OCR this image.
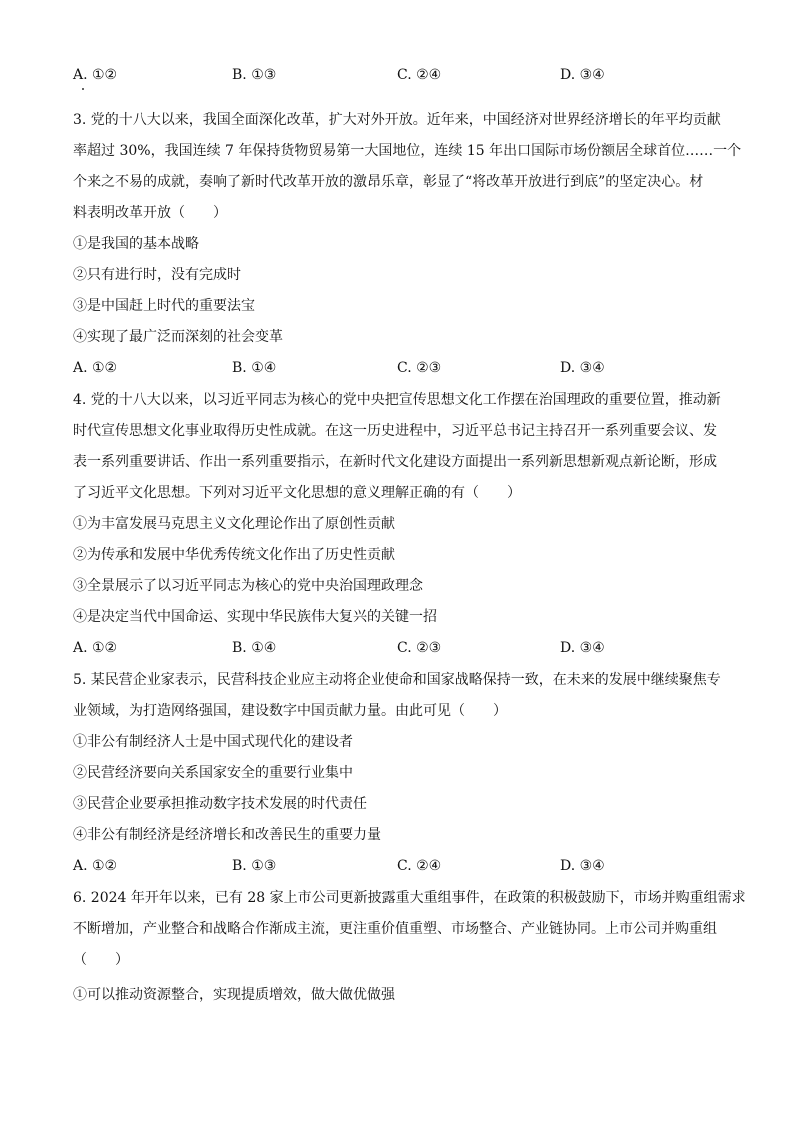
A. ①②	B. ①③	C. ②④	D. ③④
3. 党的十八大以来，我国全面深化改革，扩大对外开放。近年来，中国经济对世界经济增长的年平均贡献
率超过 30%，我国连续 7 年保持货物贸易第一大国地位，连续 15 年出口国际市场份额居全球首位……一个
个来之不易的成就，奏响了新时代改革开放的激昂乐章，彰显了“将改革开放进行到底”的坚定决心。材
料表明改革开放（　　）
①是我国的基本战略
②只有进行时，没有完成时
③是中国赶上时代的重要法宝
④实现了最广泛而深刻的社会变革
A. ①②	B. ①④	C. ②③	D. ③④
4. 党的十八大以来，以习近平同志为核心的党中央把宣传思想文化工作摆在治国理政的重要位置，推动新
时代宣传思想文化事业取得历史性成就。在这一历史进程中，习近平总书记主持召开一系列重要会议、发
表一系列重要讲话、作出一系列重要指示，在新时代文化建设方面提出一系列新思想新观点新论断，形成
了习近平文化思想。下列对习近平文化思想的意义理解正确的有（　　）
①为丰富发展马克思主义文化理论作出了原创性贡献
②为传承和发展中华优秀传统文化作出了历史性贡献
③全景展示了以习近平同志为核心的党中央治国理政理念
④是决定当代中国命运、实现中华民族伟大复兴的关键一招
A. ①②	B. ①④	C. ②③	D. ③④
5. 某民营企业家表示，民营科技企业应主动将企业使命和国家战略保持一致，在未来的发展中继续聚焦专
业领域，为打造网络强国，建设数字中国贡献力量。由此可见（　　）
①非公有制经济人士是中国式现代化的建设者
②民营经济要向关系国家安全的重要行业集中
③民营企业要承担推动数字技术发展的时代责任
④非公有制经济是经济增长和改善民生的重要力量
A. ①②	B. ①③	C. ②④	D. ③④
6. 2024 年开年以来，已有 28 家上市公司更新披露重大重组事件，在政策的积极鼓励下，市场并购重组需求
不断增加，产业整合和战略合作渐成主流，更注重价值重塑、市场整合、产业链协同。上市公司并购重组
（　　）
①可以推动资源整合，实现提质增效，做大做优做强
